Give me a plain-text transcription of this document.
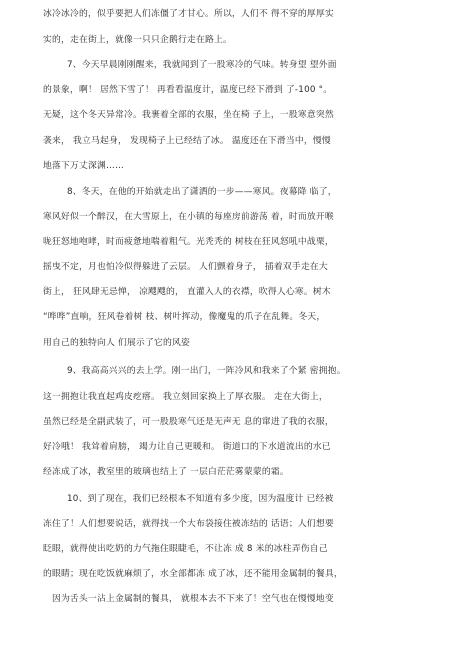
冰冷冰冷的，似乎要把人们冻僵了才甘心。所以，人们不 得不穿的厚厚实
实的，走在街上，就像一只只企鹅行走在路上。
7、今天早晨刚刚醒来，我就闻到了一股寒冷的气味。转身望 望外面
的景象，啊！ 居然下雪了！ 再看看温度计，温度已经下滑到 了-100 °。
无疑，这个冬天异常冷。我裹着全部的衣服，坐在椅 子上，一股寒意突然
袭来， 我立马起身， 发现椅子上已经结了冰。 温度还在下滑当中，慢慢
地落下万丈深渊……
8、冬天，在他的开始就走出了潇洒的一步——寒风。夜幕降 临了，
寒风好似一个醉汉，在大雪原上，在小镇的每座房前游荡 着，时而放开喉
咙狂怒地咆哮，时而疲惫地喘着粗气。光秃秃的 树枝在狂风怒吼中战栗，
摇曳不定，月也怕冷似得躲进了云层。 人们颤着身子， 插着双手走在大
街上， 狂风肆无忌惮， 凉飕飕的， 直灌入人的衣襟，吹得人心寒。树木
“哗哗”直响，狂风卷着树 枝、树叶挥动，像魔鬼的爪子在乱舞。冬天，
用自己的独特向人 们展示了它的风姿
9、我高高兴兴的去上学。刚一出门，一阵冷风和我来了个紧 密拥抱。
这一拥抱让我直起鸡皮疙瘩。 我立刻回家换上了厚衣服。 走在大街上，
虽然已经是全副武装了，可一股股寒气还是无声无 息的窜进了我的衣服，
好冷哦！ 我耸着肩膀， 竭力让自己更暖和。 街道口的下水道流出的水已
经冻成了冰，教室里的玻璃也结上了 一层白茫茫雾蒙蒙的霜。
10、到了现在，我们已经根本不知道有多少度，因为温度计 已经被
冻住了！人们想要说话，就得找一个大布袋接住被冻结的 话语；人们想要
眨眼，就得使出吃奶的力气拖住眼睫毛，不让冻 成 8 米的冰柱弄伤自己
的眼睛；现在吃饭就麻烦了，水全部都冻 成了冰，还不能用金属制的餐具，
因为舌头一沾上金属制的餐具， 就根本去不下来了！空气也在慢慢地变
